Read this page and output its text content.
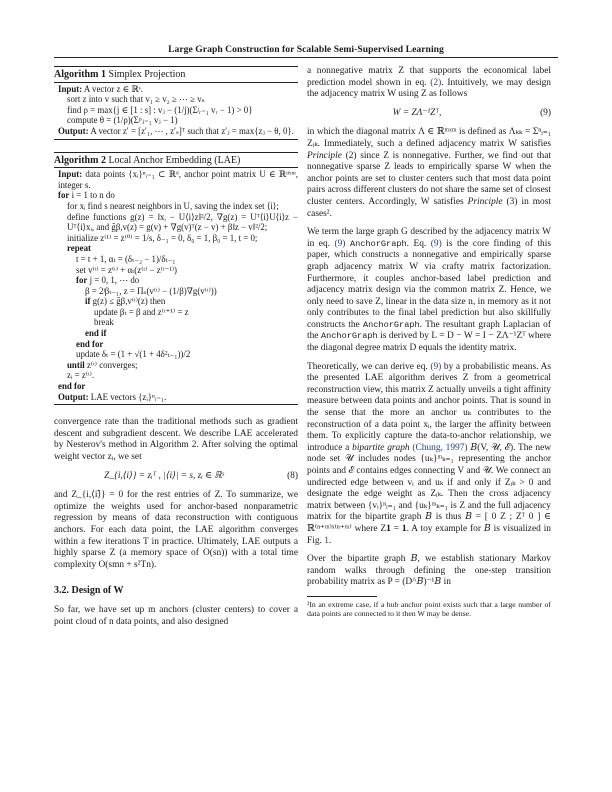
Large Graph Construction for Scalable Semi-Supervised Learning
Algorithm 1 Simplex Projection
Input: A vector z ∈ ℝˢ.
sort z into v such that v₁ ≥ v₂ ≥ ⋯ ≥ vₛ
find ρ = max{j ∈ [1 : s] : vⱼ − (1/j)(Σʲᵣ₌₁ vᵣ − 1) > 0}
compute θ = (1/ρ)(Σᵖⱼ₌₁ vⱼ − 1)
Output: A vector z′ = [z′₁, ⋯ , z′ₛ]ᵀ such that z′ⱼ = max{zⱼ − θ, 0}.
Algorithm 2 Local Anchor Embedding (LAE)
Input: data points {xᵢ}ⁿᵢ₌₁ ⊂ ℝᵈ, anchor point matrix U ∈ ℝᵈˣᵐ, integer s.
for i = 1 to n do
for xᵢ find s nearest neighbors in U, saving the index set ⟨i⟩;
define functions g(z) = ‖xᵢ − U⟨i⟩z‖²/2, ∇g(z) = Uᵀ⟨i⟩U⟨i⟩z − Uᵀ⟨i⟩xᵢ, and g̃β,v(z) = g(v) + ∇g(v)ᵀ(z − v) + β‖z − v‖²/2;
initialize z⁽¹⁾ = z⁽⁰⁾ = 1/s, δ₋₁ = 0, δ₀ = 1, β₀ = 1, t = 0;
repeat
t = t + 1, αₜ = (δₜ₋₂ − 1)/δₜ₋₁
set v⁽ᵗ⁾ = z⁽ᵗ⁾ + αₜ(z⁽ᵗ⁾ − z⁽ᵗ⁻¹⁾)
for j = 0, 1, ⋯ do
β = 2ʲβₜ₋₁, z = Πₛ(v⁽ᵗ⁾ − (1/β)∇g(v⁽ᵗ⁾))
if g(z) ≤ g̃β,v⁽ᵗ⁾(z) then
update βₜ = β and z⁽ᵗ⁺¹⁾ = z
break
end if
end for
update δₜ = (1 + √(1 + 4δ²ₜ₋₁))/2
until z⁽ᵗ⁾ converges;
zᵢ = z⁽ᵗ⁾.
end for
Output: LAE vectors {zᵢ}ⁿᵢ₌₁.

convergence rate than the traditional methods such as gradient descent and subgradient descent. We describe LAE accelerated by Nesterov's method in Algorithm 2. After solving the optimal weight vector zᵢ, we set

Z_{i,⟨i⟩} = zᵢᵀ , |⟨i⟩| = s, zᵢ ∈ ℝˢ	(8)

and Z_{i,⟨i⟩̄} = 0 for the rest entries of Z. To summarize, we optimize the weights used for anchor-based nonparametric regression by means of data reconstruction with contiguous anchors. For each data point, the LAE algorithm converges within a few iterations T in practice. Ultimately, LAE outputs a highly sparse Z (a memory space of O(sn)) with a total time complexity O(smn + s²Tn).

3.2. Design of W

So far, we have set up m anchors (cluster centers) to cover a point cloud of n data points, and also designed

a nonnegative matrix Z that supports the economical label prediction model shown in eq. (2). Intuitively, we may design the adjacency matrix W using Z as follows

W = ZΛ⁻¹Zᵀ,	(9)

in which the diagonal matrix Λ ∈ ℝᵐˣᵐ is defined as Λₖₖ = Σⁿᵢ₌₁ Zᵢₖ. Immediately, such a defined adjacency matrix W satisfies Principle (2) since Z is nonnegative. Further, we find out that nonnegative sparse Z leads to empirically sparse W when the anchor points are set to cluster centers such that most data point pairs across different clusters do not share the same set of closest cluster centers. Accordingly, W satisfies Principle (3) in most cases².

We term the large graph G described by the adjacency matrix W in eq. (9) AnchorGraph. Eq. (9) is the core finding of this paper, which constructs a nonnegative and empirically sparse graph adjacency matrix W via crafty matrix factorization. Furthermore, it couples anchor-based label prediction and adjacency matrix design via the common matrix Z. Hence, we only need to save Z, linear in the data size n, in memory as it not only contributes to the final label prediction but also skillfully constructs the AnchorGraph. The resultant graph Laplacian of the AnchorGraph is derived by L = D − W = I − ZΛ⁻¹Zᵀ where the diagonal degree matrix D equals the identity matrix.

Theoretically, we can derive eq. (9) by a probabilistic means. As the presented LAE algorithm derives Z from a geometrical reconstruction view, this matrix Z actually unveils a tight affinity measure between data points and anchor points. That is sound in the sense that the more an anchor uₖ contributes to the reconstruction of a data point xᵢ, the larger the affinity between them. To explicitly capture the data-to-anchor relationship, we introduce a bipartite graph (Chung, 1997) 𝐵(V, 𝒰, ℰ). The new node set 𝒰 includes nodes {uₖ}ᵐₖ₌₁ representing the anchor points and ℰ contains edges connecting V and 𝒰. We connect an undirected edge between vᵢ and uₖ if and only if Zᵢₖ > 0 and designate the edge weight as Zᵢₖ. Then the cross adjacency matrix between {vᵢ}ⁿᵢ₌₁ and {uₖ}ᵐₖ₌₁ is Z and the full adjacency matrix for the bipartite graph 𝐵 is thus 𝐵 = [ 0 Z ; Zᵀ 0 ] ∈ ℝ⁽ⁿ⁺ᵐ⁾ˣ⁽ⁿ⁺ᵐ⁾ where Z𝟏 = 𝟏. A toy example for 𝐵 is visualized in Fig. 1.

Over the bipartite graph 𝐵, we establish stationary Markov random walks through defining the one-step transition probability matrix as P = (D^𝐵)⁻¹𝐵 in

²In an extreme case, if a hub anchor point exists such that a large number of data points are connected to it then W may be dense.
